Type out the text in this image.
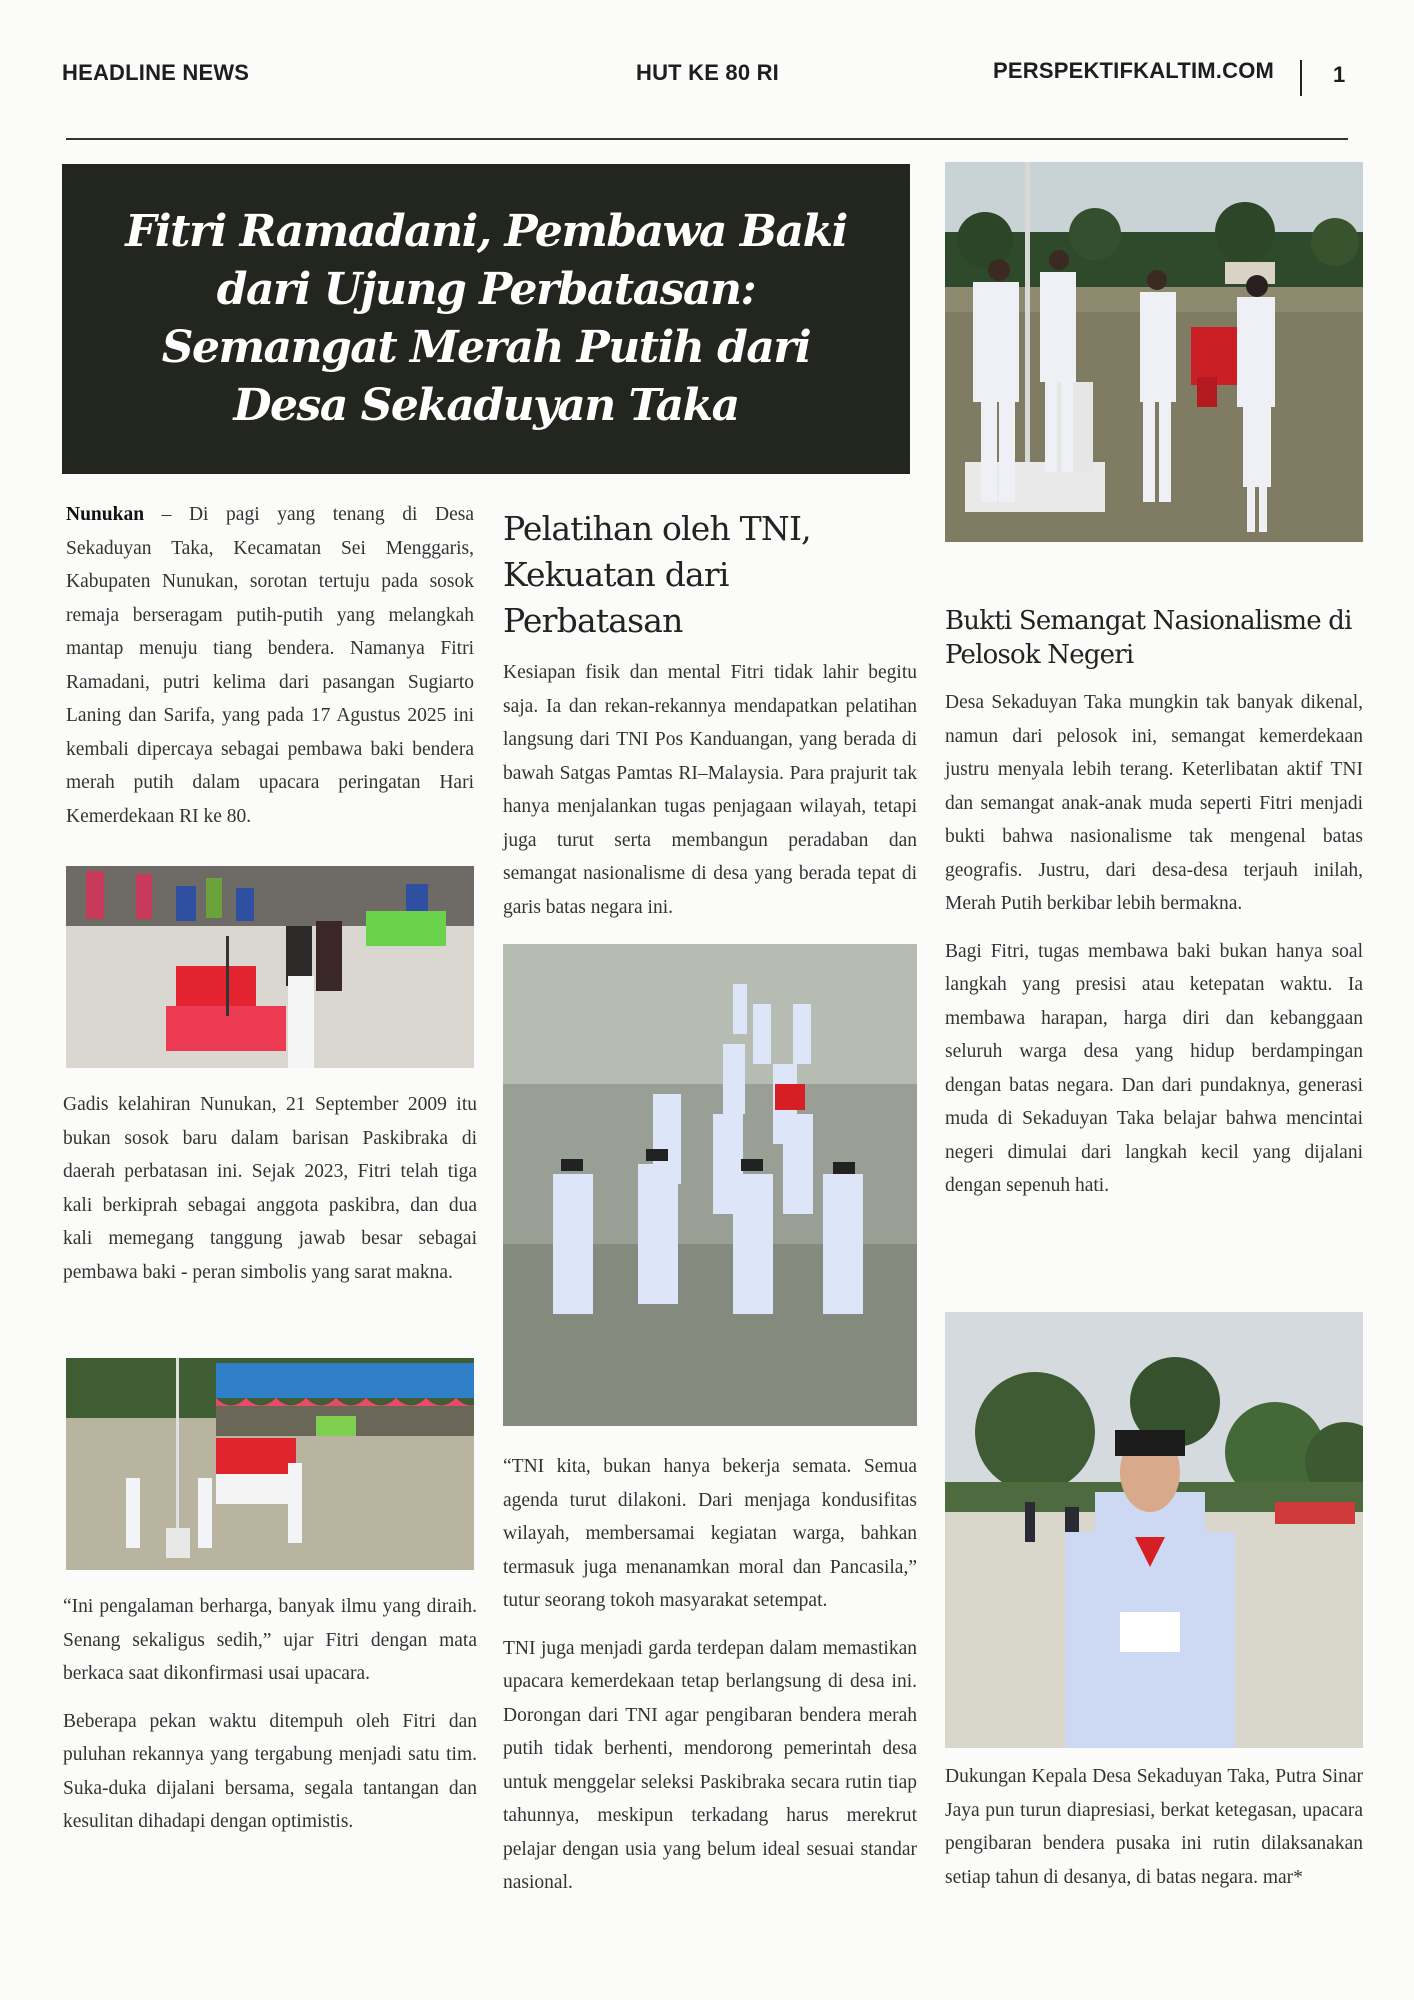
HEADLINE NEWS	HUT KE 80 RI	PERSPEKTIFKALTIM.COM	1
Fitri Ramadani, Pembawa Baki dari Ujung Perbatasan: Semangat Merah Putih dari Desa Sekaduyan Taka

Nunukan – Di pagi yang tenang di Desa Sekaduyan Taka, Kecamatan Sei Menggaris, Kabupaten Nunukan, sorotan tertuju pada sosok remaja berseragam putih-putih yang melangkah mantap menuju tiang bendera. Namanya Fitri Ramadani, putri kelima dari pasangan Sugiarto Laning dan Sarifa, yang pada 17 Agustus 2025 ini kembali dipercaya sebagai pembawa baki bendera merah putih dalam upacara peringatan Hari Kemerdekaan RI ke 80.

Gadis kelahiran Nunukan, 21 September 2009 itu bukan sosok baru dalam barisan Paskibraka di daerah perbatasan ini. Sejak 2023, Fitri telah tiga kali berkiprah sebagai anggota paskibra, dan dua kali memegang tanggung jawab besar sebagai pembawa baki - peran simbolis yang sarat makna.

“Ini pengalaman berharga, banyak ilmu yang diraih. Senang sekaligus sedih,” ujar Fitri dengan mata berkaca saat dikonfirmasi usai upacara.

Beberapa pekan waktu ditempuh oleh Fitri dan puluhan rekannya yang tergabung menjadi satu tim. Suka-duka dijalani bersama, segala tantangan dan kesulitan dihadapi dengan optimistis.

Pelatihan oleh TNI, Kekuatan dari Perbatasan

Kesiapan fisik dan mental Fitri tidak lahir begitu saja. Ia dan rekan-rekannya mendapatkan pelatihan langsung dari TNI Pos Kanduangan, yang berada di bawah Satgas Pamtas RI–Malaysia. Para prajurit tak hanya menjalankan tugas penjagaan wilayah, tetapi juga turut serta membangun peradaban dan semangat nasionalisme di desa yang berada tepat di garis batas negara ini.

“TNI kita, bukan hanya bekerja semata. Semua agenda turut dilakoni. Dari menjaga kondusifitas wilayah, membersamai kegiatan warga, bahkan termasuk juga menanamkan moral dan Pancasila,” tutur seorang tokoh masyarakat setempat.

TNI juga menjadi garda terdepan dalam memastikan upacara kemerdekaan tetap berlangsung di desa ini. Dorongan dari TNI agar pengibaran bendera merah putih tidak berhenti, mendorong pemerintah desa untuk menggelar seleksi Paskibraka secara rutin tiap tahunnya, meskipun terkadang harus merekrut pelajar dengan usia yang belum ideal sesuai standar nasional.

Bukti Semangat Nasionalisme di Pelosok Negeri

Desa Sekaduyan Taka mungkin tak banyak dikenal, namun dari pelosok ini, semangat kemerdekaan justru menyala lebih terang. Keterlibatan aktif TNI dan semangat anak-anak muda seperti Fitri menjadi bukti bahwa nasionalisme tak mengenal batas geografis. Justru, dari desa-desa terjauh inilah, Merah Putih berkibar lebih bermakna.

Bagi Fitri, tugas membawa baki bukan hanya soal langkah yang presisi atau ketepatan waktu. Ia membawa harapan, harga diri dan kebanggaan seluruh warga desa yang hidup berdampingan dengan batas negara. Dan dari pundaknya, generasi muda di Sekaduyan Taka belajar bahwa mencintai negeri dimulai dari langkah kecil yang dijalani dengan sepenuh hati.

Dukungan Kepala Desa Sekaduyan Taka, Putra Sinar Jaya pun turun diapresiasi, berkat ketegasan, upacara pengibaran bendera pusaka ini rutin dilaksanakan setiap tahun di desanya, di batas negara. mar*
